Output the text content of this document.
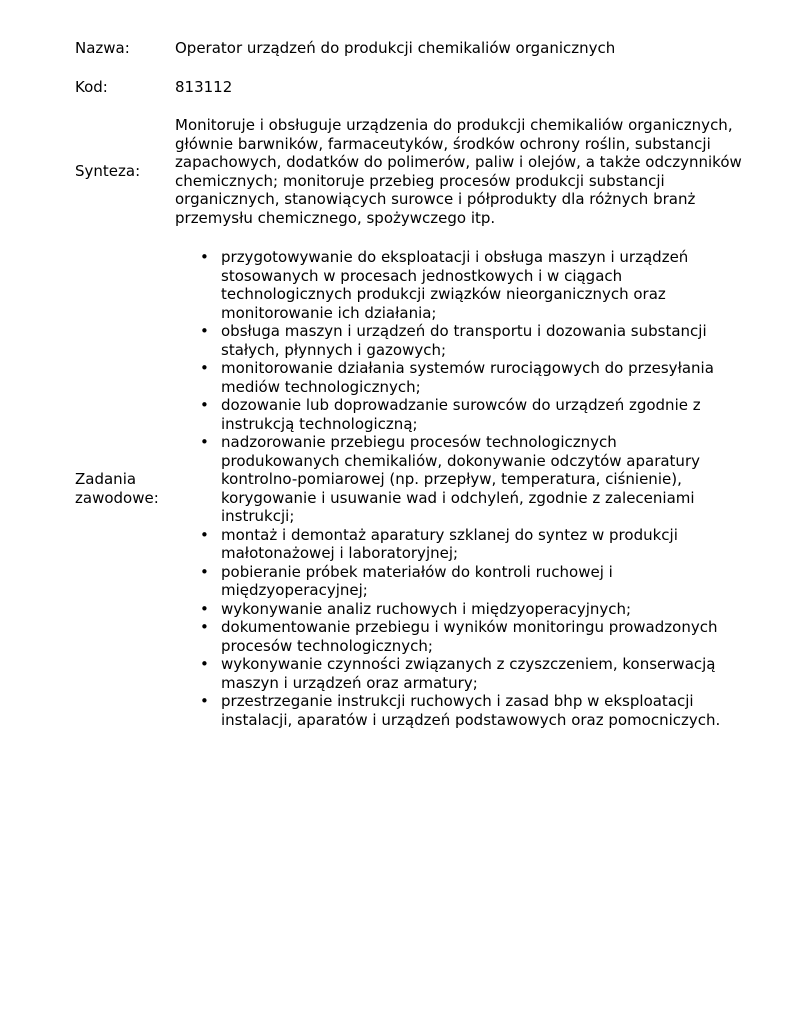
Nazwa:	Operator urządzeń do produkcji chemikaliów organicznych
Kod:	813112
Synteza:
Monitoruje i obsługuje urządzenia do produkcji chemikaliów organicznych, głównie barwników, farmaceutyków, środków ochrony roślin, substancji zapachowych, dodatków do polimerów, paliw i olejów, a także odczynników chemicznych; monitoruje przebieg procesów produkcji substancji organicznych, stanowiących surowce i półprodukty dla różnych branż przemysłu chemicznego, spożywczego itp.
Zadania
zawodowe:
• przygotowywanie do eksploatacji i obsługa maszyn i urządzeń stosowanych w procesach jednostkowych i w ciągach technologicznych produkcji związków nieorganicznych oraz monitorowanie ich działania;
• obsługa maszyn i urządzeń do transportu i dozowania substancji stałych, płynnych i gazowych;
• monitorowanie działania systemów rurociągowych do przesyłania mediów technologicznych;
• dozowanie lub doprowadzanie surowców do urządzeń zgodnie z instrukcją technologiczną;
• nadzorowanie przebiegu procesów technologicznych produkowanych chemikaliów, dokonywanie odczytów aparatury kontrolno-pomiarowej (np. przepływ, temperatura, ciśnienie), korygowanie i usuwanie wad i odchyleń, zgodnie z zaleceniami instrukcji;
• montaż i demontaż aparatury szklanej do syntez w produkcji małotonażowej i laboratoryjnej;
• pobieranie próbek materiałów do kontroli ruchowej i międzyoperacyjnej;
• wykonywanie analiz ruchowych i międzyoperacyjnych;
• dokumentowanie przebiegu i wyników monitoringu prowadzonych procesów technologicznych;
• wykonywanie czynności związanych z czyszczeniem, konserwacją maszyn i urządzeń oraz armatury;
• przestrzeganie instrukcji ruchowych i zasad bhp w eksploatacji instalacji, aparatów i urządzeń podstawowych oraz pomocniczych.
